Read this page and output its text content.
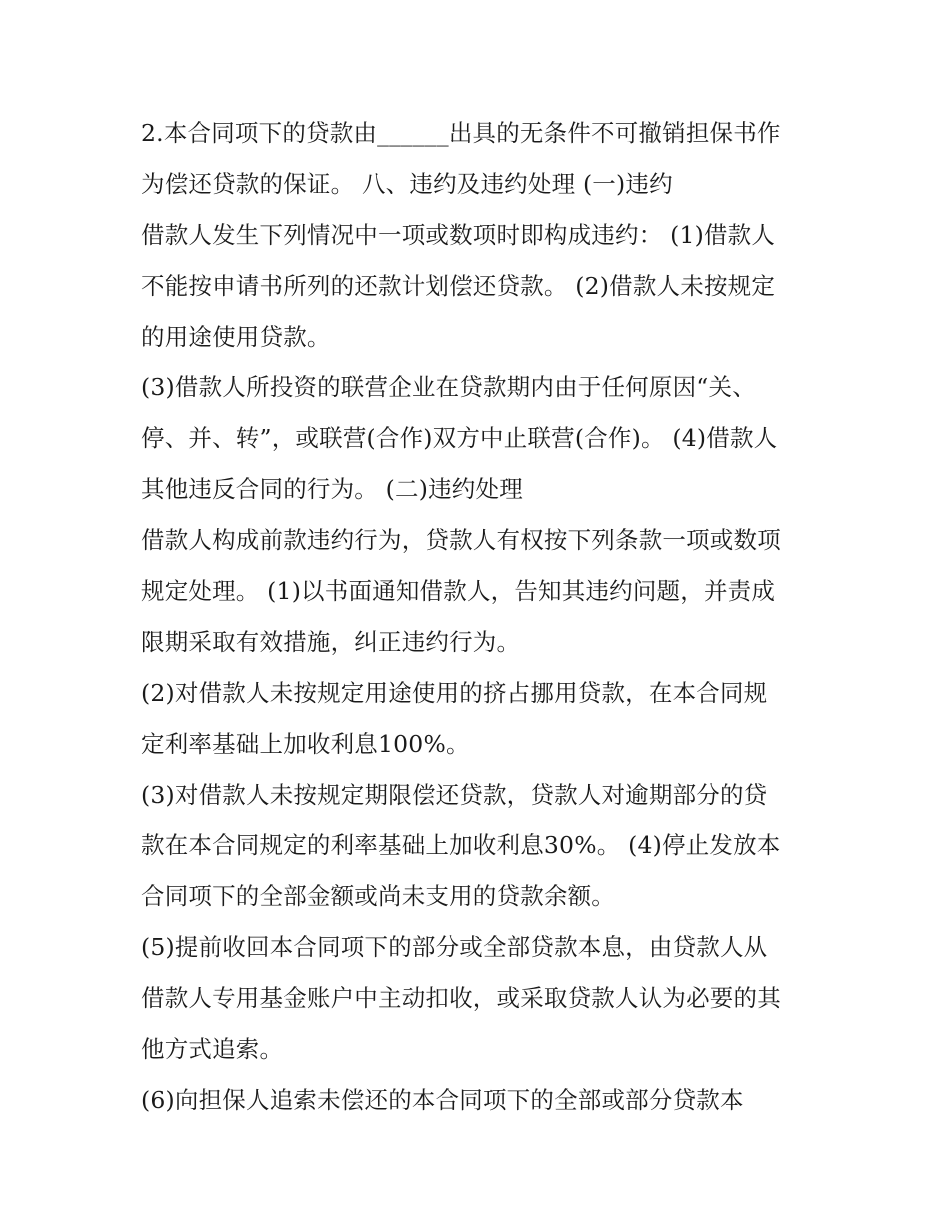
2.本合同项下的贷款由______出具的无条件不可撤销担保书作
为偿还贷款的保证。 八、违约及违约处理 (一)违约
借款人发生下列情况中一项或数项时即构成违约： (1)借款人
不能按申请书所列的还款计划偿还贷款。 (2)借款人未按规定
的用途使用贷款。
(3)借款人所投资的联营企业在贷款期内由于任何原因“关、
停、并、转”，或联营(合作)双方中止联营(合作)。 (4)借款人
其他违反合同的行为。 (二)违约处理
借款人构成前款违约行为，贷款人有权按下列条款一项或数项
规定处理。 (1)以书面通知借款人，告知其违约问题，并责成
限期采取有效措施，纠正违约行为。
(2)对借款人未按规定用途使用的挤占挪用贷款，在本合同规
定利率基础上加收利息100%。
(3)对借款人未按规定期限偿还贷款，贷款人对逾期部分的贷
款在本合同规定的利率基础上加收利息30%。 (4)停止发放本
合同项下的全部金额或尚未支用的贷款余额。
(5)提前收回本合同项下的部分或全部贷款本息，由贷款人从
借款人专用基金账户中主动扣收，或采取贷款人认为必要的其
他方式追索。
(6)向担保人追索未偿还的本合同项下的全部或部分贷款本
